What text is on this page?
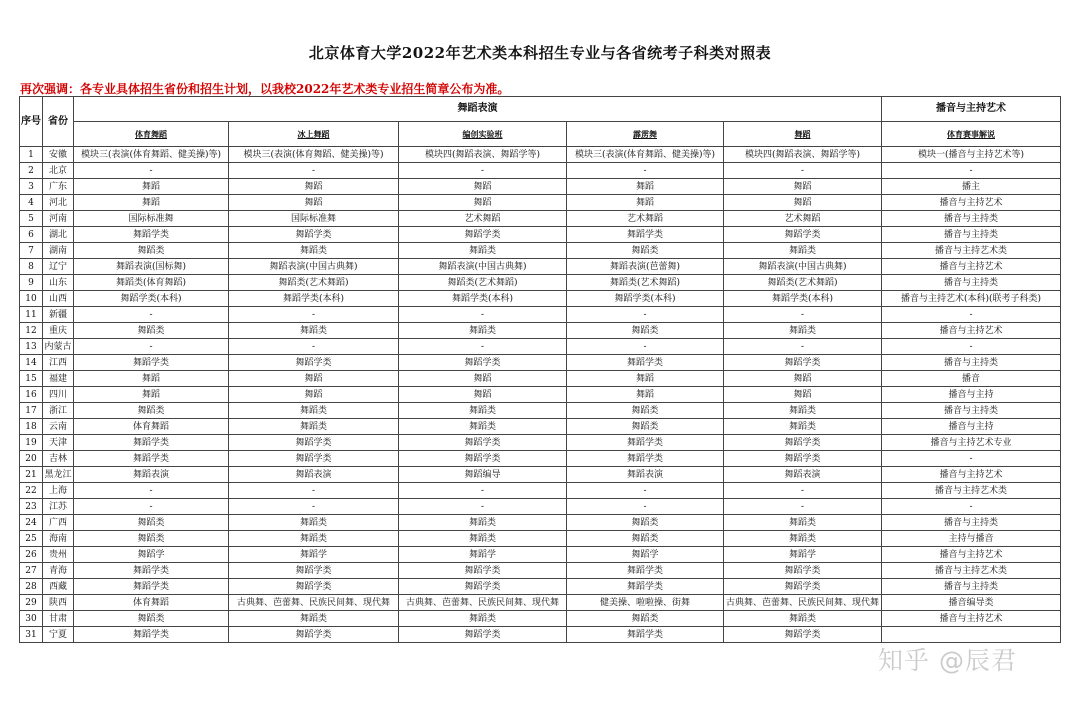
北京体育大学2022年艺术类本科招生专业与各省统考子科类对照表
再次强调：各专业具体招生省份和招生计划，以我校2022年艺术类专业招生简章公布为准。
序号	省份	舞蹈表演					播音与主持艺术
		体育舞蹈	冰上舞蹈	编创实验班	霹雳舞	舞蹈	体育赛事解说
1	安徽	模块三(表演(体育舞蹈、健美操)等)	模块三(表演(体育舞蹈、健美操)等)	模块四(舞蹈表演、舞蹈学等)	模块三(表演(体育舞蹈、健美操)等)	模块四(舞蹈表演、舞蹈学等)	模块一(播音与主持艺术等)
2	北京	-	-	-	-	-	-
3	广东	舞蹈	舞蹈	舞蹈	舞蹈	舞蹈	播主
4	河北	舞蹈	舞蹈	舞蹈	舞蹈	舞蹈	播音与主持艺术
5	河南	国际标准舞	国际标准舞	艺术舞蹈	艺术舞蹈	艺术舞蹈	播音与主持类
6	湖北	舞蹈学类	舞蹈学类	舞蹈学类	舞蹈学类	舞蹈学类	播音与主持类
7	湖南	舞蹈类	舞蹈类	舞蹈类	舞蹈类	舞蹈类	播音与主持艺术类
8	辽宁	舞蹈表演(国标舞)	舞蹈表演(中国古典舞)	舞蹈表演(中国古典舞)	舞蹈表演(芭蕾舞)	舞蹈表演(中国古典舞)	播音与主持艺术
9	山东	舞蹈类(体育舞蹈)	舞蹈类(艺术舞蹈)	舞蹈类(艺术舞蹈)	舞蹈类(艺术舞蹈)	舞蹈类(艺术舞蹈)	播音与主持类
10	山西	舞蹈学类(本科)	舞蹈学类(本科)	舞蹈学类(本科)	舞蹈学类(本科)	舞蹈学类(本科)	播音与主持艺术(本科)(联考子科类)
11	新疆	-	-	-	-	-	-
12	重庆	舞蹈类	舞蹈类	舞蹈类	舞蹈类	舞蹈类	播音与主持艺术
13	内蒙古	-	-	-	-	-	-
14	江西	舞蹈学类	舞蹈学类	舞蹈学类	舞蹈学类	舞蹈学类	播音与主持类
15	福建	舞蹈	舞蹈	舞蹈	舞蹈	舞蹈	播音
16	四川	舞蹈	舞蹈	舞蹈	舞蹈	舞蹈	播音与主持
17	浙江	舞蹈类	舞蹈类	舞蹈类	舞蹈类	舞蹈类	播音与主持类
18	云南	体育舞蹈	舞蹈类	舞蹈类	舞蹈类	舞蹈类	播音与主持
19	天津	舞蹈学类	舞蹈学类	舞蹈学类	舞蹈学类	舞蹈学类	播音与主持艺术专业
20	吉林	舞蹈学类	舞蹈学类	舞蹈学类	舞蹈学类	舞蹈学类	-
21	黑龙江	舞蹈表演	舞蹈表演	舞蹈编导	舞蹈表演	舞蹈表演	播音与主持艺术
22	上海	-	-	-	-	-	播音与主持艺术类
23	江苏	-	-	-	-	-	-
24	广西	舞蹈类	舞蹈类	舞蹈类	舞蹈类	舞蹈类	播音与主持类
25	海南	舞蹈类	舞蹈类	舞蹈类	舞蹈类	舞蹈类	主持与播音
26	贵州	舞蹈学	舞蹈学	舞蹈学	舞蹈学	舞蹈学	播音与主持艺术
27	青海	舞蹈学类	舞蹈学类	舞蹈学类	舞蹈学类	舞蹈学类	播音与主持艺术类
28	西藏	舞蹈学类	舞蹈学类	舞蹈学类	舞蹈学类	舞蹈学类	播音与主持类
29	陕西	体育舞蹈	古典舞、芭蕾舞、民族民间舞、现代舞	古典舞、芭蕾舞、民族民间舞、现代舞	健美操、啦啦操、街舞	古典舞、芭蕾舞、民族民间舞、现代舞	播音编导类
30	甘肃	舞蹈类	舞蹈类	舞蹈类	舞蹈类	舞蹈类	播音与主持艺术
31	宁夏	舞蹈学类	舞蹈学类	舞蹈学类	舞蹈学类	舞蹈学类	
知乎 @辰君
